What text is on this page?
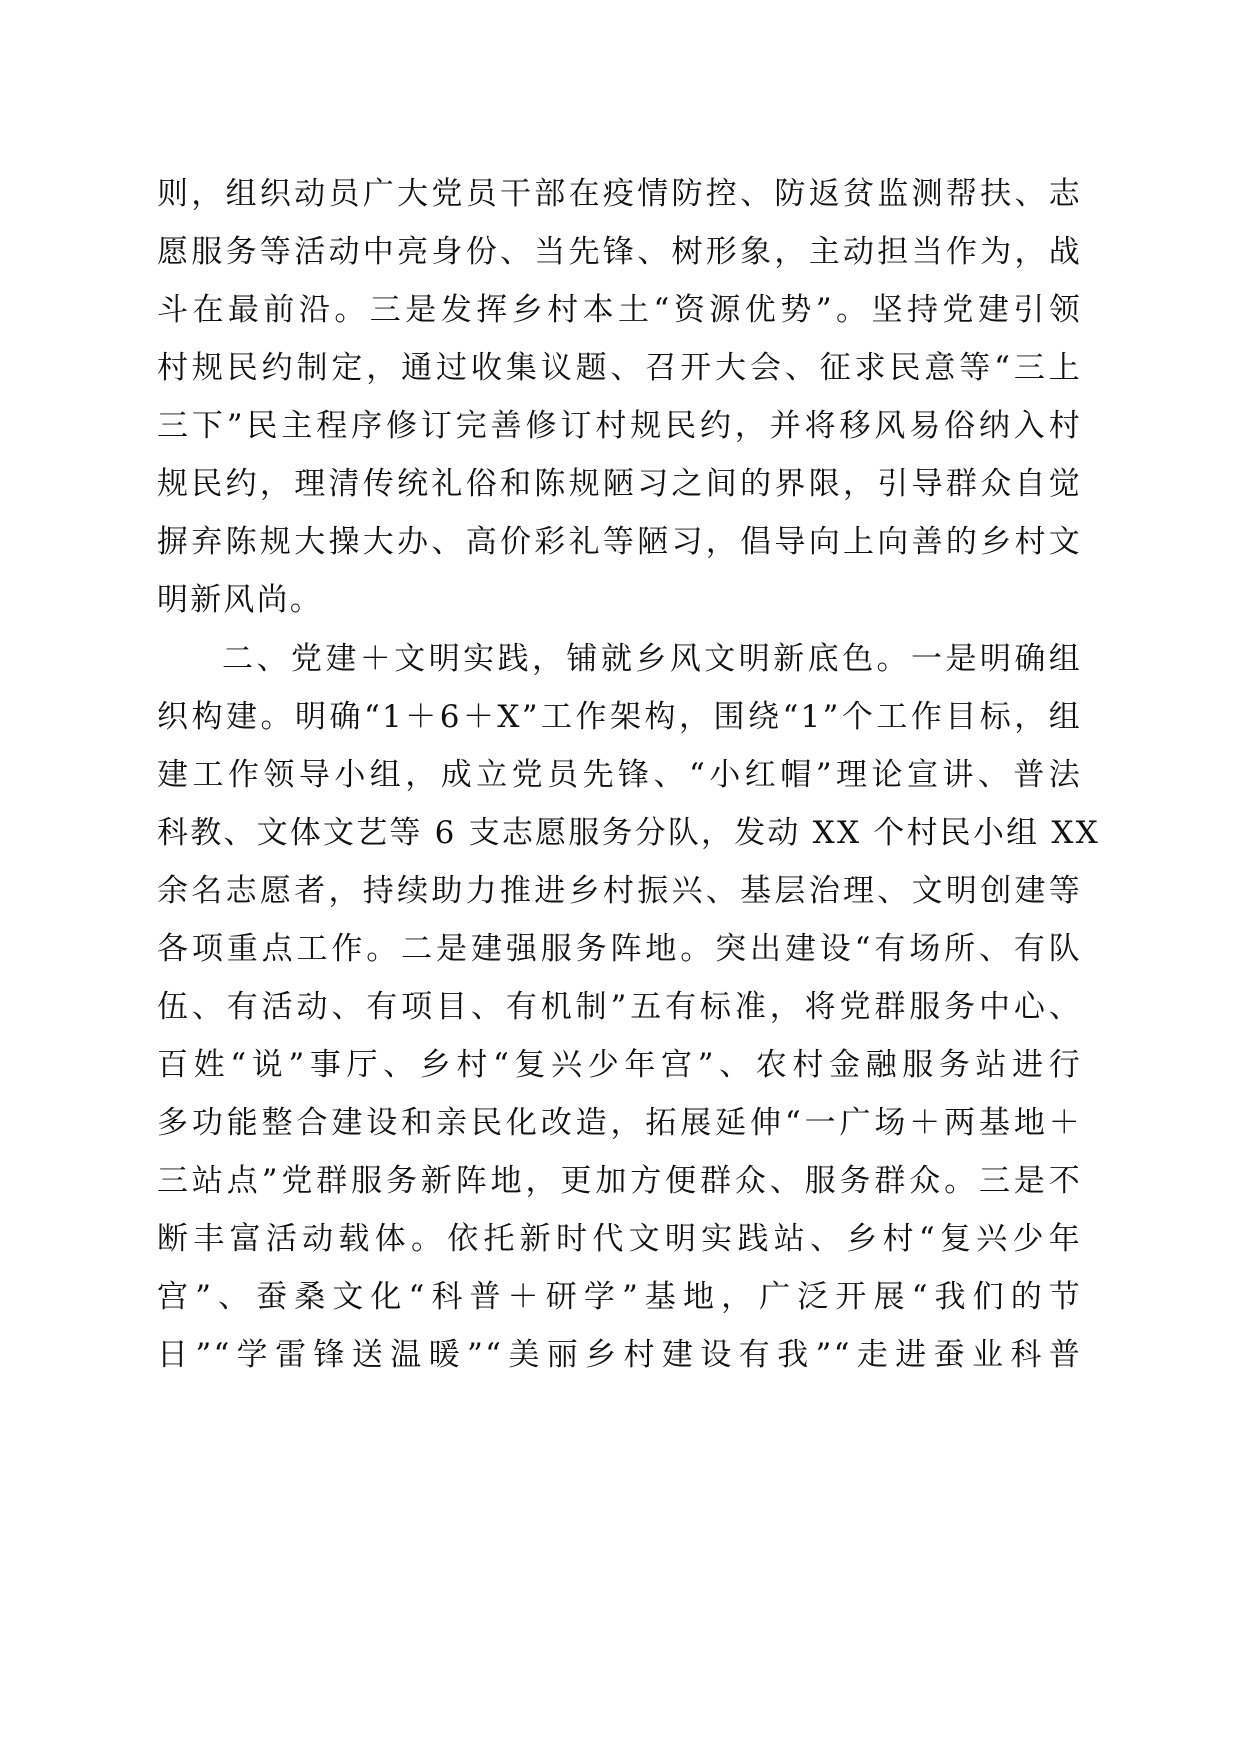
则，组织动员广大党员干部在疫情防控、防返贫监测帮扶、志
愿服务等活动中亮身份、当先锋、树形象，主动担当作为，战
斗在最前沿。三是发挥乡村本土“资源优势”。坚持党建引领
村规民约制定，通过收集议题、召开大会、征求民意等“三上
三下”民主程序修订完善修订村规民约，并将移风易俗纳入村
规民约，理清传统礼俗和陈规陋习之间的界限，引导群众自觉
摒弃陈规大操大办、高价彩礼等陋习，倡导向上向善的乡村文
明新风尚。
二、党建＋文明实践，铺就乡风文明新底色。一是明确组
织构建。明确“1＋6＋X”工作架构，围绕“1”个工作目标，组
建工作领导小组，成立党员先锋、“小红帽”理论宣讲、普法
科教、文体文艺等 6 支志愿服务分队，发动 XX 个村民小组 XX
余名志愿者，持续助力推进乡村振兴、基层治理、文明创建等
各项重点工作。二是建强服务阵地。突出建设“有场所、有队
伍、有活动、有项目、有机制”五有标准，将党群服务中心、
百姓“说”事厅、乡村“复兴少年宫”、农村金融服务站进行
多功能整合建设和亲民化改造，拓展延伸“一广场＋两基地＋
三站点”党群服务新阵地，更加方便群众、服务群众。三是不
断丰富活动载体。依托新时代文明实践站、乡村“复兴少年
宫”、蚕桑文化“科普＋研学”基地，广泛开展“我们的节
日”“学雷锋送温暖”“美丽乡村建设有我”“走进蚕业科普
